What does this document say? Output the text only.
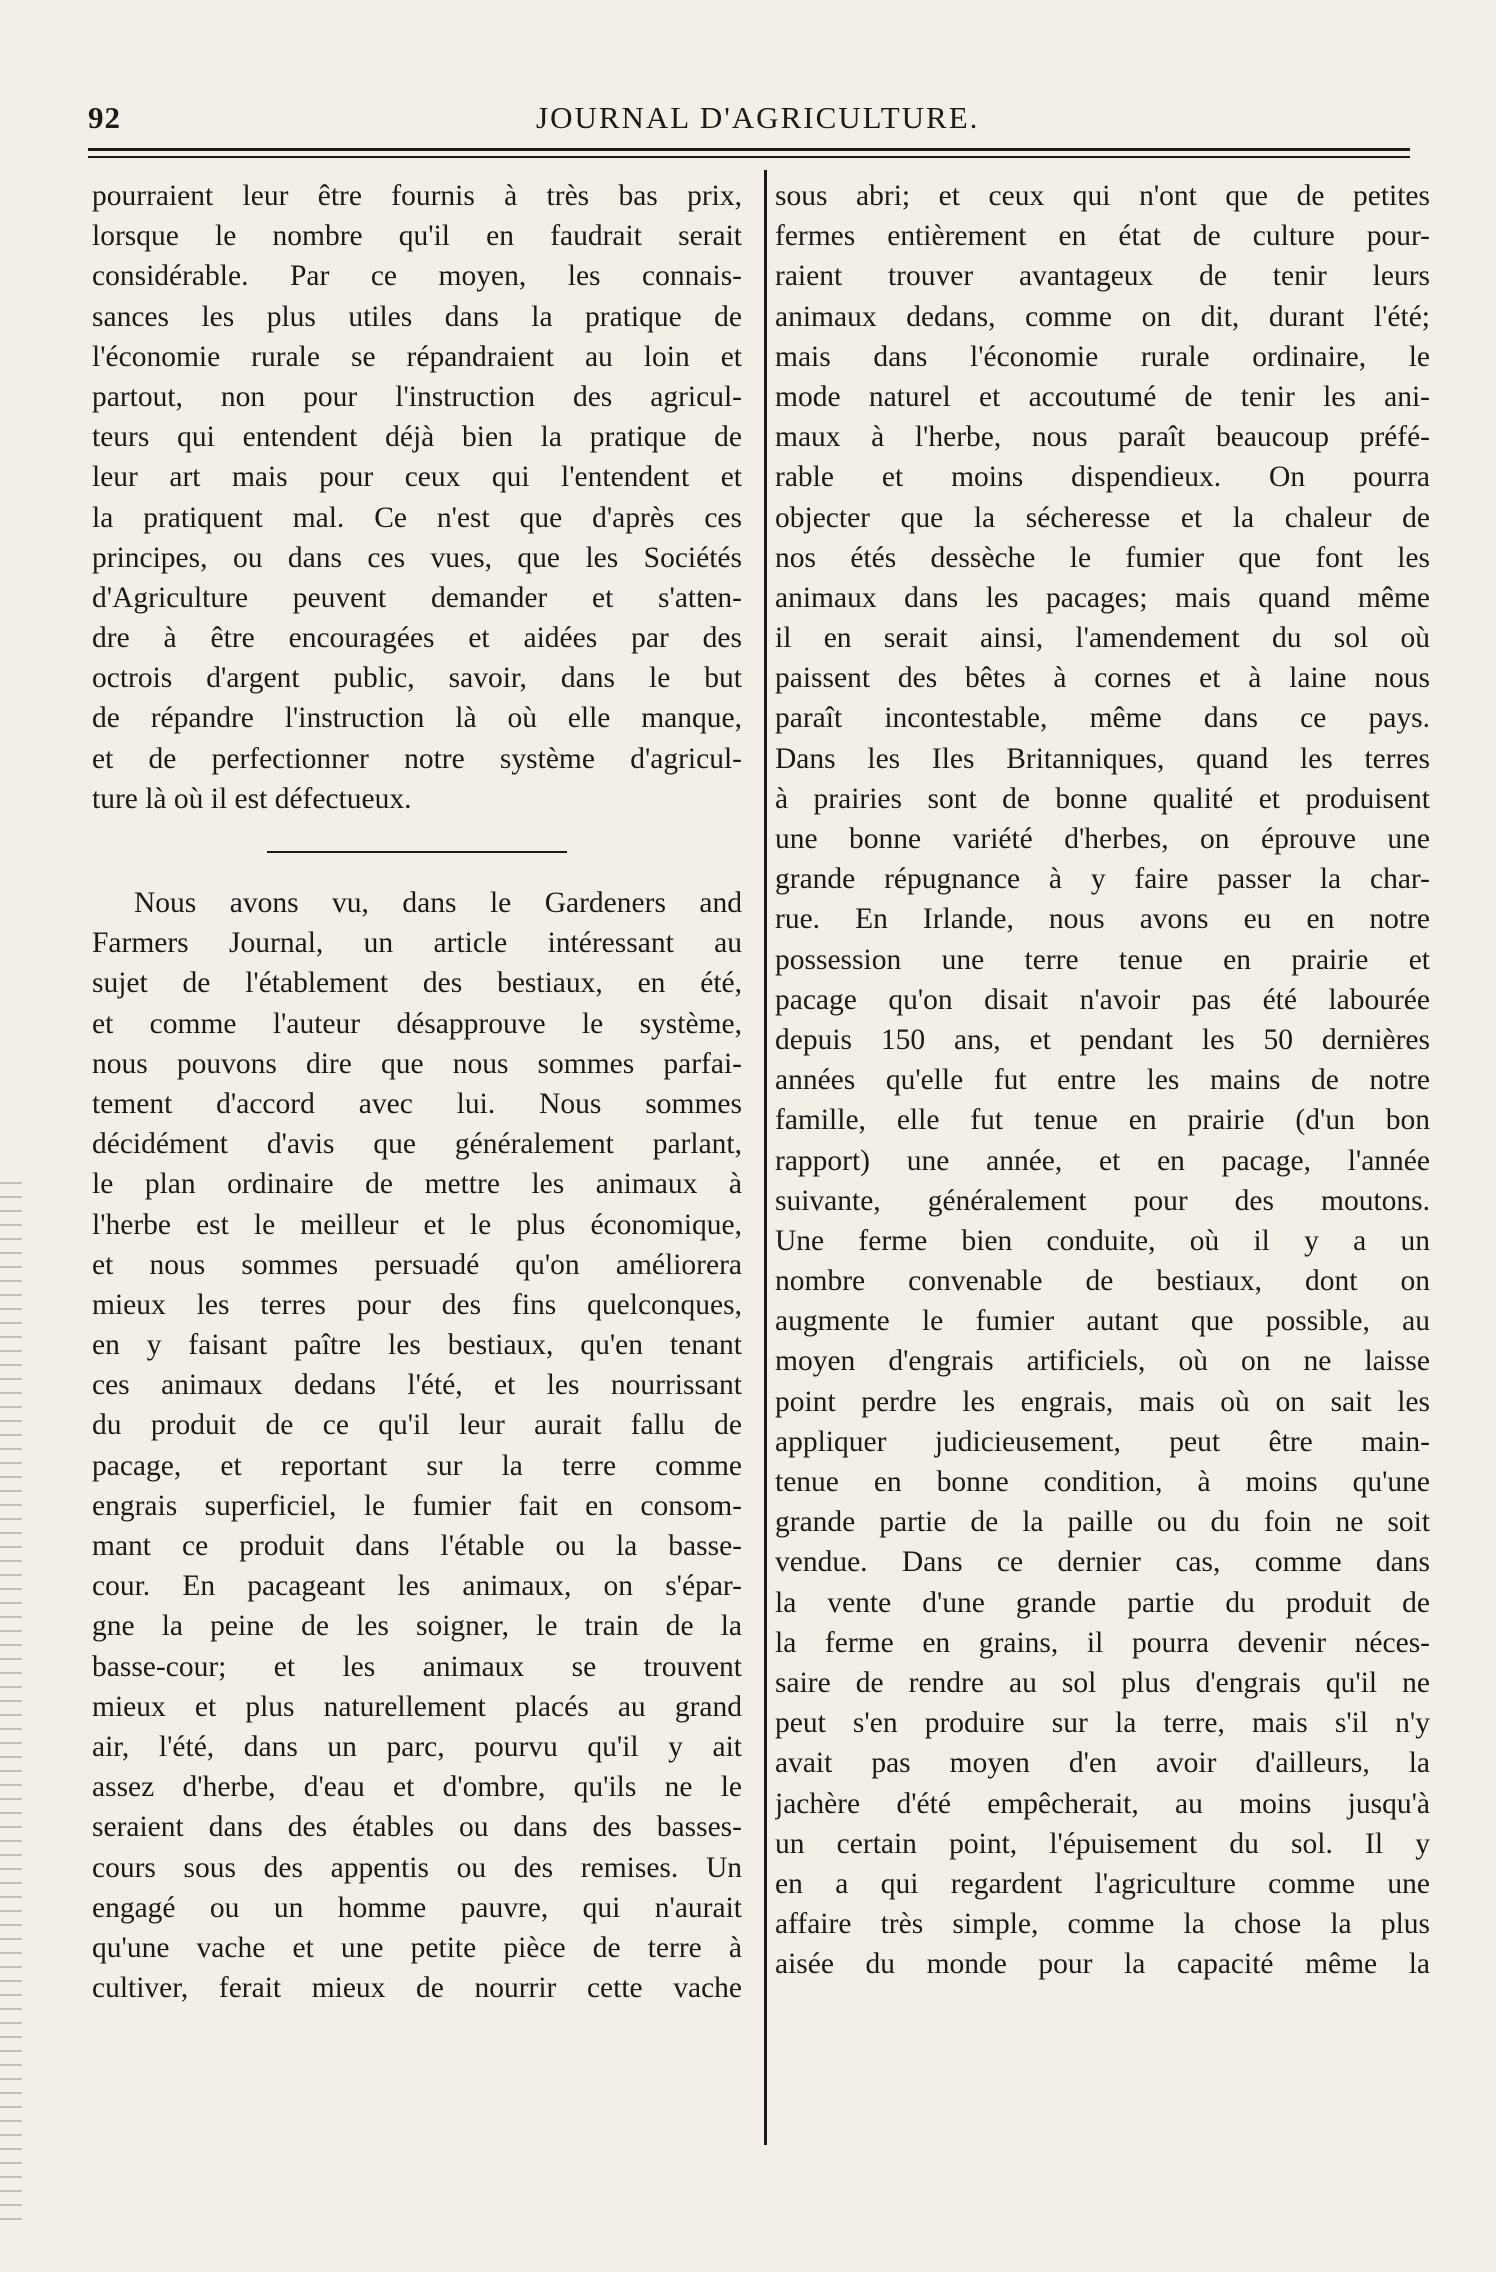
92	JOURNAL D'AGRICULTURE.
pourraient leur être fournis à très bas prix,
lorsque le nombre qu'il en faudrait serait
considérable. Par ce moyen, les connais-
sances les plus utiles dans la pratique de
l'économie rurale se répandraient au loin et
partout, non pour l'instruction des agricul-
teurs qui entendent déjà bien la pratique de
leur art mais pour ceux qui l'entendent et
la pratiquent mal. Ce n'est que d'après ces
principes, ou dans ces vues, que les Sociétés
d'Agriculture peuvent demander et s'atten-
dre à être encouragées et aidées par des
octrois d'argent public, savoir, dans le but
de répandre l'instruction là où elle manque,
et de perfectionner notre système d'agricul-
ture là où il est défectueux.
Nous avons vu, dans le Gardeners and
Farmers Journal, un article intéressant au
sujet de l'établement des bestiaux, en été,
et comme l'auteur désapprouve le système,
nous pouvons dire que nous sommes parfai-
tement d'accord avec lui. Nous sommes
décidément d'avis que généralement parlant,
le plan ordinaire de mettre les animaux à
l'herbe est le meilleur et le plus économique,
et nous sommes persuadé qu'on améliorera
mieux les terres pour des fins quelconques,
en y faisant paître les bestiaux, qu'en tenant
ces animaux dedans l'été, et les nourrissant
du produit de ce qu'il leur aurait fallu de
pacage, et reportant sur la terre comme
engrais superficiel, le fumier fait en consom-
mant ce produit dans l'étable ou la basse-
cour. En pacageant les animaux, on s'épar-
gne la peine de les soigner, le train de la
basse-cour; et les animaux se trouvent
mieux et plus naturellement placés au grand
air, l'été, dans un parc, pourvu qu'il y ait
assez d'herbe, d'eau et d'ombre, qu'ils ne le
seraient dans des étables ou dans des basses-
cours sous des appentis ou des remises. Un
engagé ou un homme pauvre, qui n'aurait
qu'une vache et une petite pièce de terre à
cultiver, ferait mieux de nourrir cette vache
sous abri; et ceux qui n'ont que de petites
fermes entièrement en état de culture pour-
raient trouver avantageux de tenir leurs
animaux dedans, comme on dit, durant l'été;
mais dans l'économie rurale ordinaire, le
mode naturel et accoutumé de tenir les ani-
maux à l'herbe, nous paraît beaucoup préfé-
rable et moins dispendieux. On pourra
objecter que la sécheresse et la chaleur de
nos étés dessèche le fumier que font les
animaux dans les pacages; mais quand même
il en serait ainsi, l'amendement du sol où
paissent des bêtes à cornes et à laine nous
paraît incontestable, même dans ce pays.
Dans les Iles Britanniques, quand les terres
à prairies sont de bonne qualité et produisent
une bonne variété d'herbes, on éprouve une
grande répugnance à y faire passer la char-
rue. En Irlande, nous avons eu en notre
possession une terre tenue en prairie et
pacage qu'on disait n'avoir pas été labourée
depuis 150 ans, et pendant les 50 dernières
années qu'elle fut entre les mains de notre
famille, elle fut tenue en prairie (d'un bon
rapport) une année, et en pacage, l'année
suivante, généralement pour des moutons.
Une ferme bien conduite, où il y a un
nombre convenable de bestiaux, dont on
augmente le fumier autant que possible, au
moyen d'engrais artificiels, où on ne laisse
point perdre les engrais, mais où on sait les
appliquer judicieusement, peut être main-
tenue en bonne condition, à moins qu'une
grande partie de la paille ou du foin ne soit
vendue. Dans ce dernier cas, comme dans
la vente d'une grande partie du produit de
la ferme en grains, il pourra devenir néces-
saire de rendre au sol plus d'engrais qu'il ne
peut s'en produire sur la terre, mais s'il n'y
avait pas moyen d'en avoir d'ailleurs, la
jachère d'été empêcherait, au moins jusqu'à
un certain point, l'épuisement du sol. Il y
en a qui regardent l'agriculture comme une
affaire très simple, comme la chose la plus
aisée du monde pour la capacité même la
